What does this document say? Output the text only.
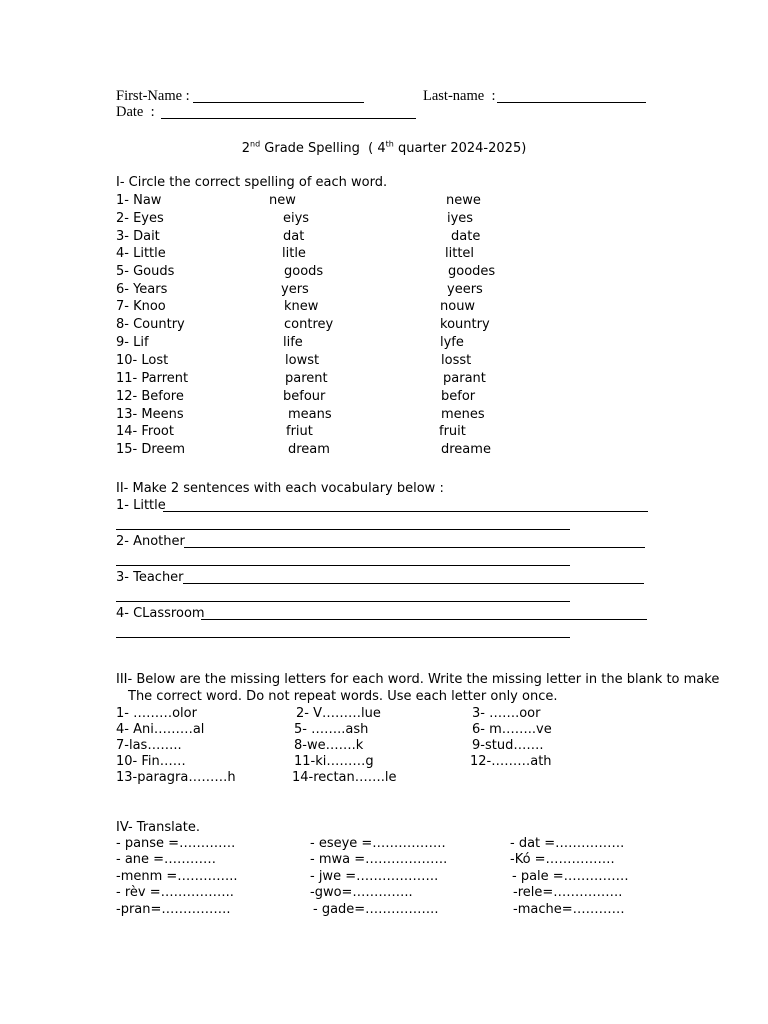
First-Name :	Last-name  :
Date  :
2nd Grade Spelling  ( 4th quarter 2024-2025)
I- Circle the correct spelling of each word.
1- Naw	new	newe
2- Eyes	eiys	iyes
3- Dait	dat	date
4- Little	litle	littel
5- Gouds	goods	goodes
6- Years	yers	yeers
7- Knoo	knew	nouw
8- Country	contrey	kountry
9- Lif	life	lyfe
10- Lost	lowst	losst
11- Parrent	parent	parant
12- Before	befour	befor
13- Meens	means	menes
14- Froot	friut	fruit
15- Dreem	dream	dreame
II- Make 2 sentences with each vocabulary below :
1- Little
2- Another
3- Teacher
4- CLassroom
III- Below are the missing letters for each word. Write the missing letter in the blank to make
The correct word. Do not repeat words. Use each letter only once.
1- ………olor	2- V………lue	3- …….oor
4- Ani………al	5- ……..ash	6- m……..ve
7-las……..	8-we…….k	9-stud…….
10- Fin……	11-ki………g	12-………ath
13-paragra………h	14-rectan…….le
IV- Translate.
- panse =………….	- eseye =……………..	- dat =…………….
- ane =…………	- mwa =……………….	-Kó =…………….
-menm =…………..	- jwe =……………….	- pale =……………
- rèv =……………..	-gwo=…………..	-rele=…………….
-pran=…………….	- gade=……………..	-mache=…………
